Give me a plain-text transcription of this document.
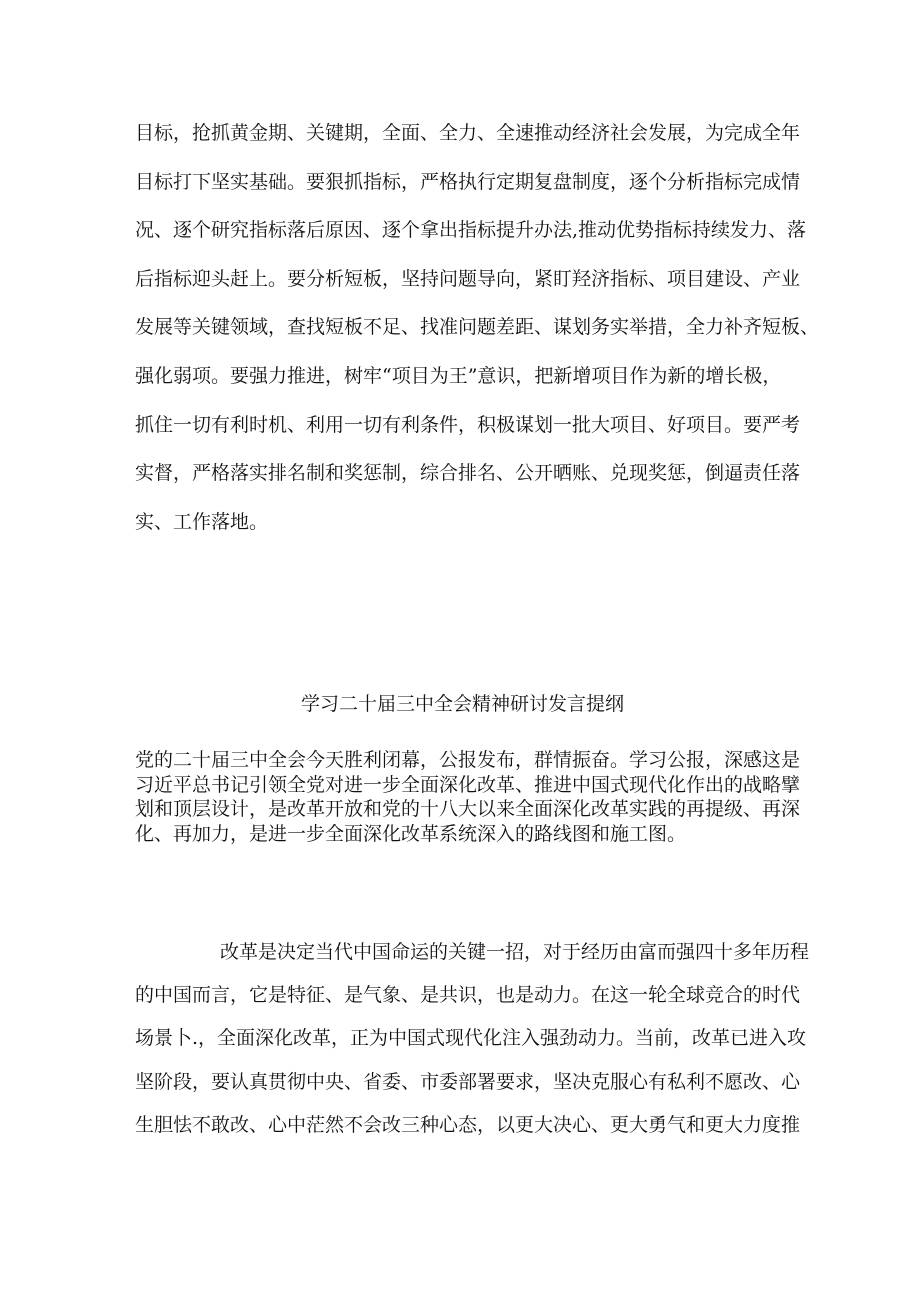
目标，抢抓黄金期、关键期，全面、全力、全速推动经济社会发展，为完成全年
目标打下坚实基础。要狠抓指标，严格执行定期复盘制度，逐个分析指标完成情
况、逐个研究指标落后原因、逐个拿出指标提升办法,推动优势指标持续发力、落
后指标迎头赶上。要分析短板，坚持问题导向，紧盯羟济指标、项目建设、产业
发展等关键领域，查找短板不足、找准问题差距、谋划务实举措，全力补齐短板、
强化弱项。要强力推进，树牢“项目为王”意识，把新增项目作为新的增长极，
抓住一切有利时机、利用一切有利条件，积极谋划一批大项目、好项目。要严考
实督，严格落实排名制和奖惩制，综合排名、公开晒账、兑现奖惩，倒逼责任落
实、工作落地。
学习二十届三中全会精神研讨发言提纲
党的二十届三中全会今天胜利闭幕，公报发布，群情振奋。学习公报，深感这是
习近平总书记引领全党对进一步全面深化改革、推进中国式现代化作出的战略擘
划和顶层设计，是改革开放和党的十八大以来全面深化改革实践的再提级、再深
化、再加力，是进一步全面深化改革系统深入的路线图和施工图。
改革是决定当代中国命运的关键一招，对于经历由富而强四十多年历程
的中国而言，它是特征、是气象、是共识，也是动力。在这一轮全球竞合的时代
场景卜.，全面深化改革，正为中国式现代化注入强劲动力。当前，改革已进入攻
坚阶段，要认真贯彻中央、省委、市委部署要求，坚决克服心有私利不愿改、心
生胆怯不敢改、心中茫然不会改三种心态，以更大决心、更大勇气和更大力度推
